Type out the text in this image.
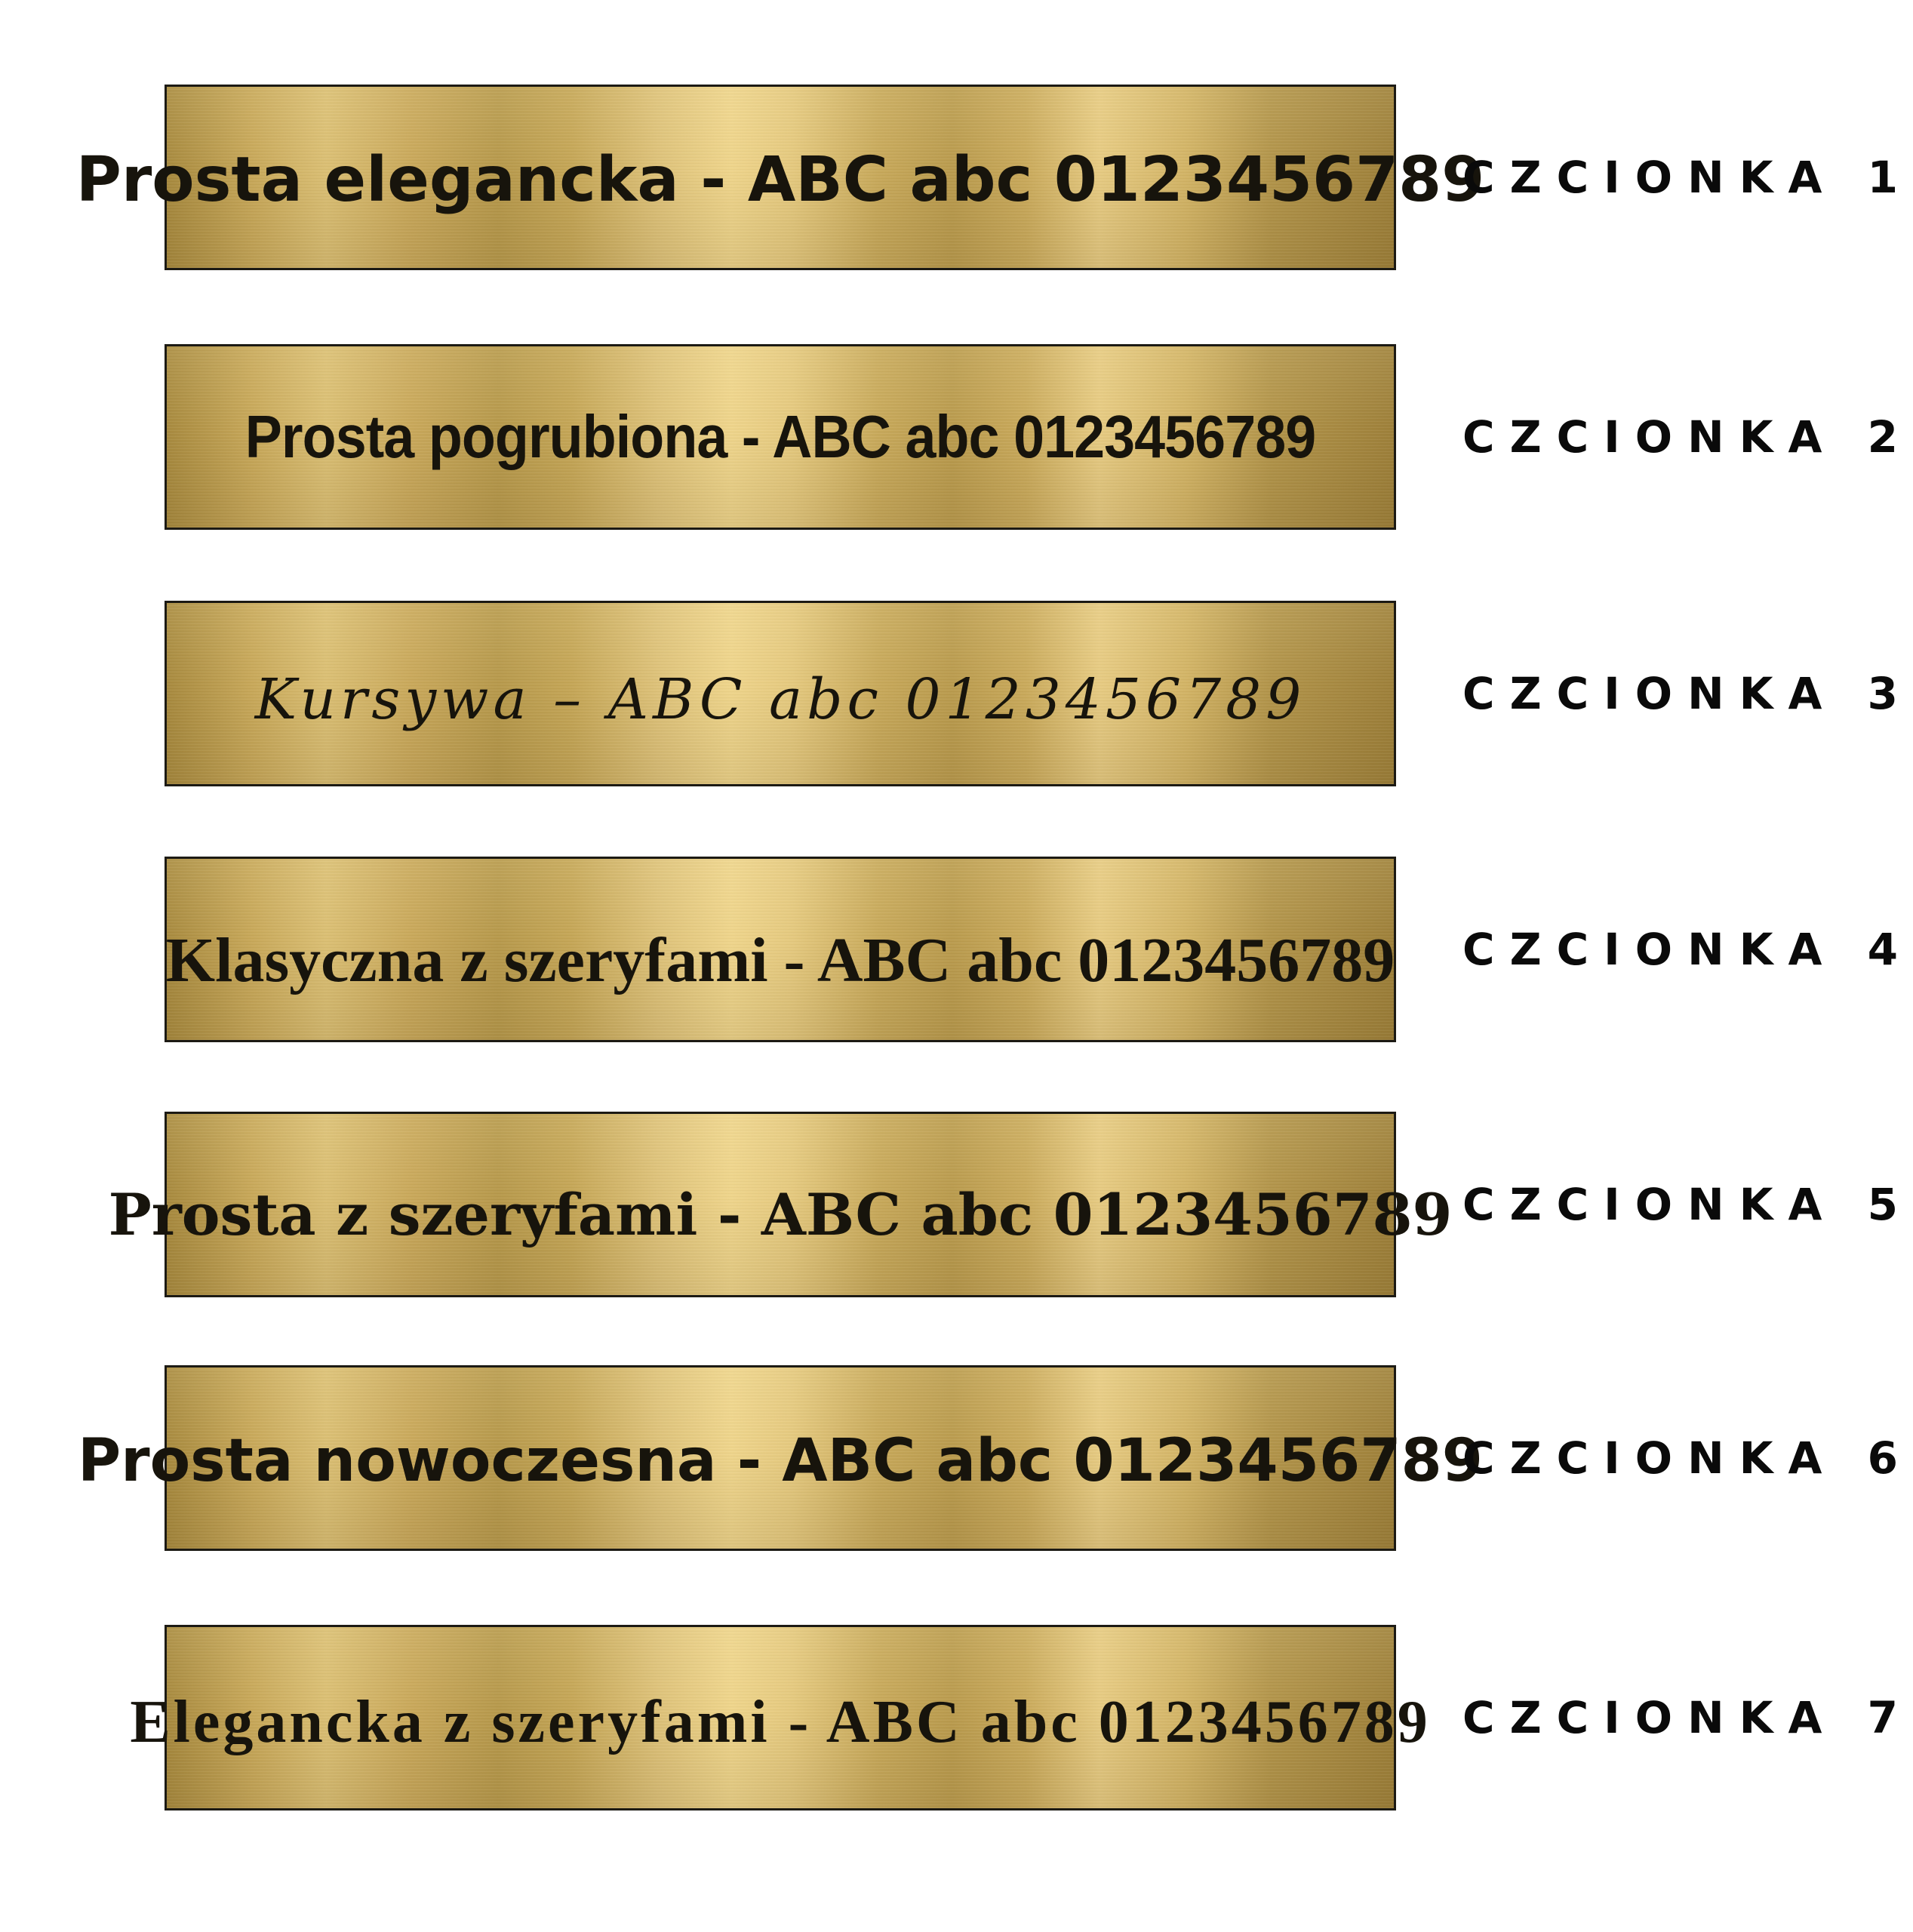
Prosta elegancka - ABC abc 0123456789
CZCIONKA 1
Prosta pogrubiona - ABC abc 0123456789	CZCIONKA 2
Kursywa – ABC abc 0123456789	CZCIONKA 3
Klasyczna z szeryfami - ABC abc 0123456789 CZCIONKA 4
Prosta z szeryfami - ABC abc 0123456789 CZCIONKA 5
Prosta nowoczesna - ABC abc 0123456789
CZCIONKA 6
Elegancka z szeryfami - ABC abc 0123456789 CZCIONKA 7
